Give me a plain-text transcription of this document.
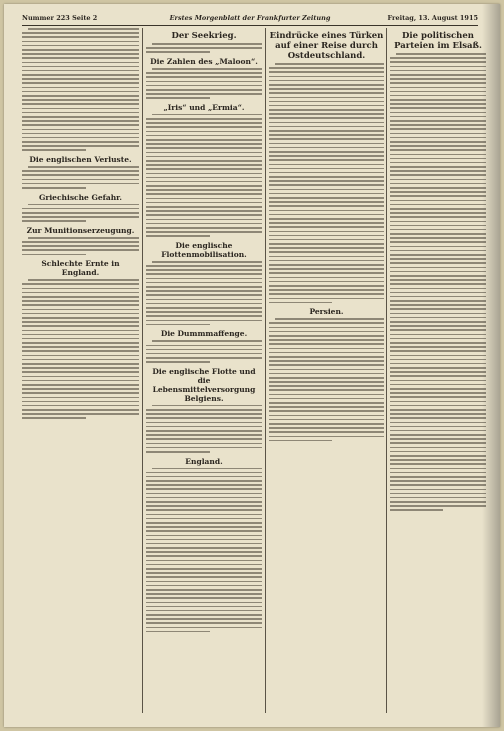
Nummer 223 Seite 2	Erstes Morgenblatt der Frankfurter Zeitung	Freitag, 13. August 1915
Die englischen Verluste.
Griechische Gefahr.
Zur Munitionserzeugung.
Schlechte Ernte in England.
Der Seekrieg.
Die Zahlen des „Maloon“.
„Iris“ und „Ermia“.
Die englische Flottenmobilisation.
Die Dummmaffenge.
Die englische Flotte und die Lebensmittelversorgung Belgiens.
England.
Eindrücke eines Türken auf einer Reise durch Ostdeutschland.
Persien.
Die politischen Parteien im Elsaß.
